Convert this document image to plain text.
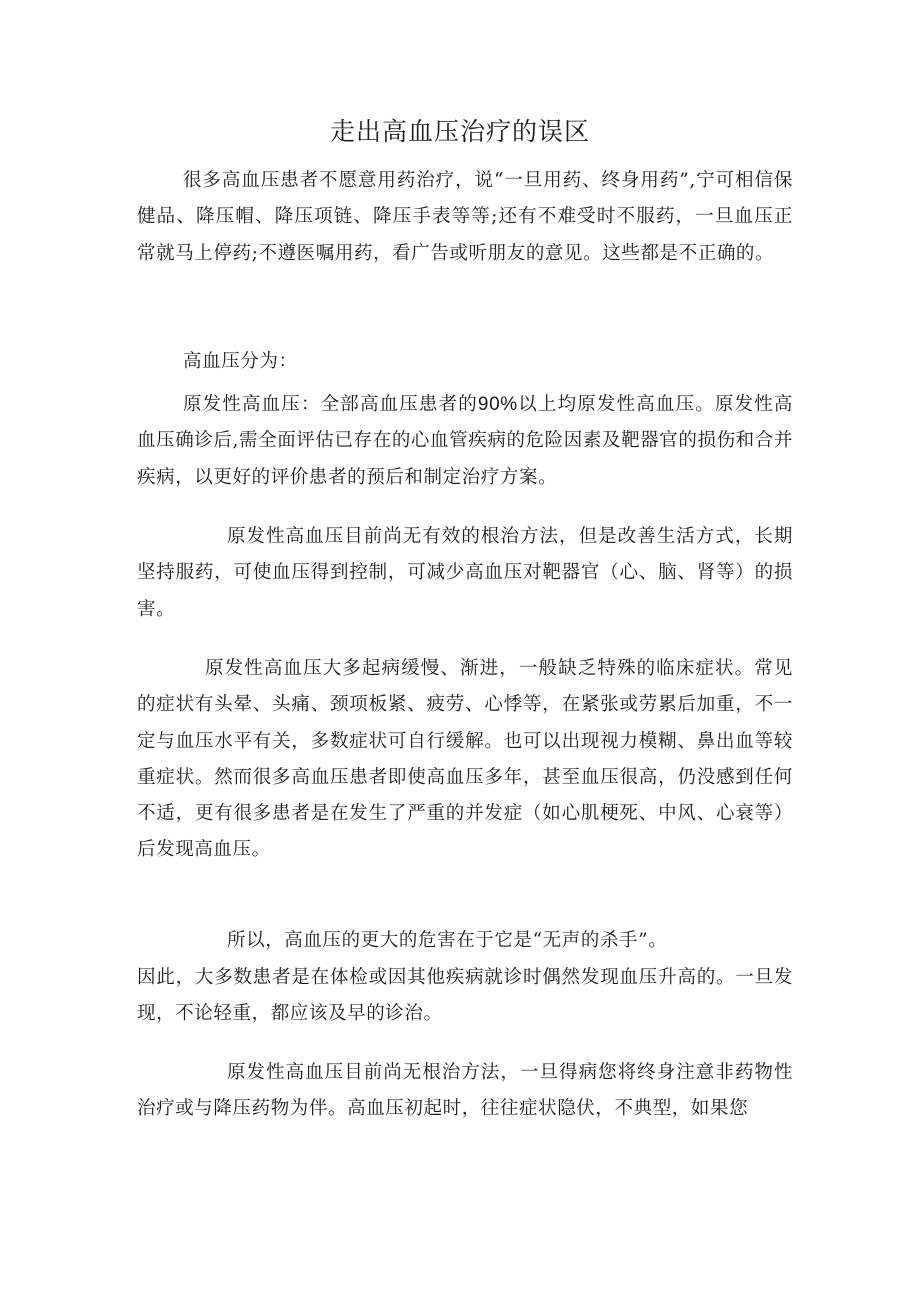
走出高血压治疗的误区

很多高血压患者不愿意用药治疗，说“一旦用药、终身用药”,宁可相信保健品、降压帽、降压项链、降压手表等等;还有不难受时不服药，一旦血压正常就马上停药;不遵医嘱用药，看广告或听朋友的意见。这些都是不正确的。

高血压分为：

原发性高血压：全部高血压患者的90%以上均原发性高血压。原发性高血压确诊后,需全面评估已存在的心血管疾病的危险因素及靶器官的损伤和合并疾病，以更好的评价患者的预后和制定治疗方案。

原发性高血压目前尚无有效的根治方法，但是改善生活方式，长期坚持服药，可使血压得到控制，可减少高血压对靶器官（心、脑、肾等）的损害。

原发性高血压大多起病缓慢、渐进，一般缺乏特殊的临床症状。常见的症状有头晕、头痛、颈项板紧、疲劳、心悸等，在紧张或劳累后加重，不一定与血压水平有关，多数症状可自行缓解。也可以出现视力模糊、鼻出血等较重症状。然而很多高血压患者即使高血压多年，甚至血压很高，仍没感到任何不适，更有很多患者是在发生了严重的并发症（如心肌梗死、中风、心衰等）后发现高血压。

所以，高血压的更大的危害在于它是“无声的杀手”。

因此，大多数患者是在体检或因其他疾病就诊时偶然发现血压升高的。一旦发现，不论轻重，都应该及早的诊治。

原发性高血压目前尚无根治方法，一旦得病您将终身注意非药物性治疗或与降压药物为伴。高血压初起时，往往症状隐伏，不典型，如果您
